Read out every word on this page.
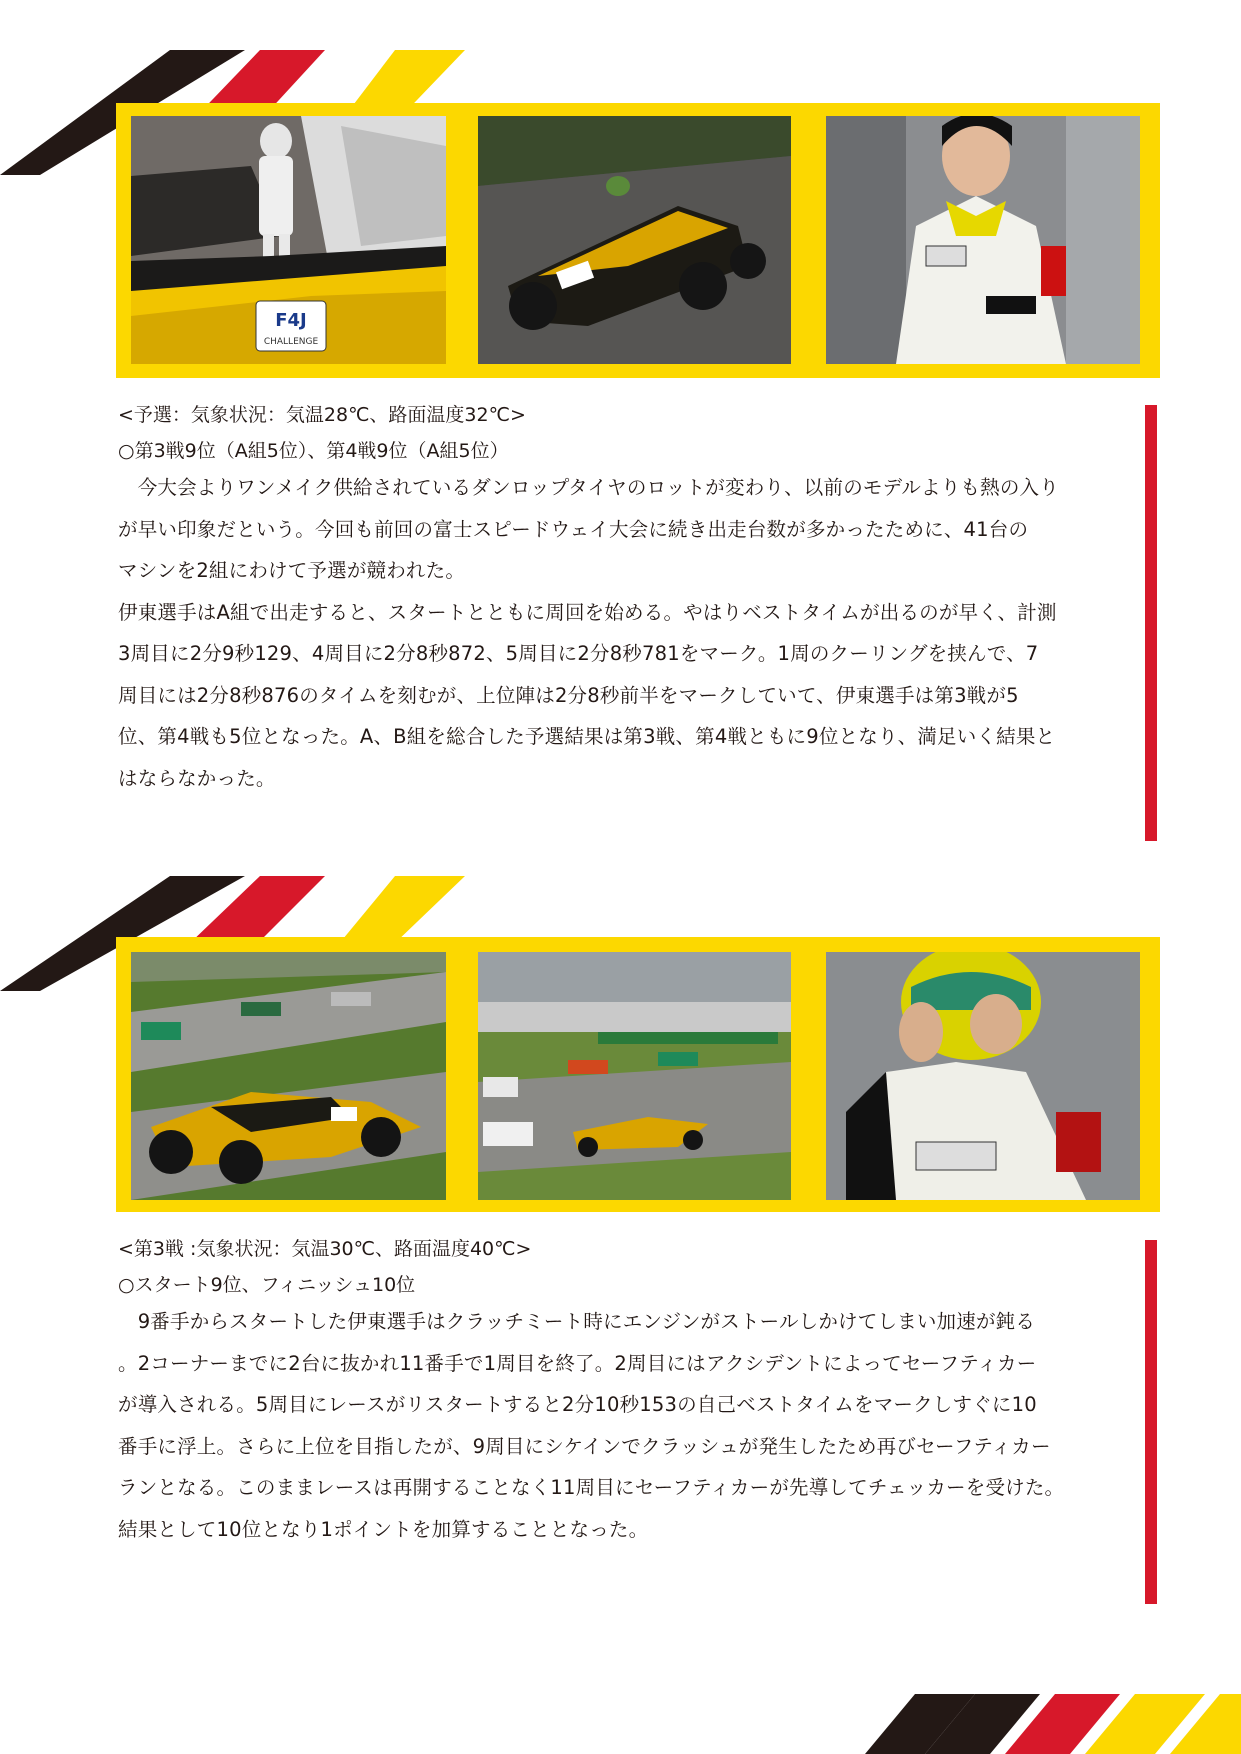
F4J
CHALLENGE

<予選：気象状況：気温28℃、路面温度32℃>

○第3戦9位（A組5位）、第4戦9位（A組5位）

　今大会よりワンメイク供給されているダンロップタイヤのロットが変わり、以前のモデルよりも熱の入り
が早い印象だという。今回も前回の富士スピードウェイ大会に続き出走台数が多かったために、41台の
マシンを2組にわけて予選が競われた。
伊東選手はA組で出走すると、スタートとともに周回を始める。やはりベストタイムが出るのが早く、計測
3周目に2分9秒129、4周目に2分8秒872、5周目に2分8秒781をマーク。1周のクーリングを挟んで、7
周目には2分8秒876のタイムを刻むが、上位陣は2分8秒前半をマークしていて、伊東選手は第3戦が5
位、第4戦も5位となった。A、B組を総合した予選結果は第3戦、第4戦ともに9位となり、満足いく結果と
はならなかった。

<第3戦 :気象状況：気温30℃、路面温度40℃>

○スタート9位、フィニッシュ10位

　9番手からスタートした伊東選手はクラッチミート時にエンジンがストールしかけてしまい加速が鈍る
。2コーナーまでに2台に抜かれ11番手で1周目を終了。2周目にはアクシデントによってセーフティカー
が導入される。5周目にレースがリスタートすると2分10秒153の自己ベストタイムをマークしすぐに10
番手に浮上。さらに上位を目指したが、9周目にシケインでクラッシュが発生したため再びセーフティカー
ランとなる。このままレースは再開することなく11周目にセーフティカーが先導してチェッカーを受けた。
結果として10位となり1ポイントを加算することとなった。
